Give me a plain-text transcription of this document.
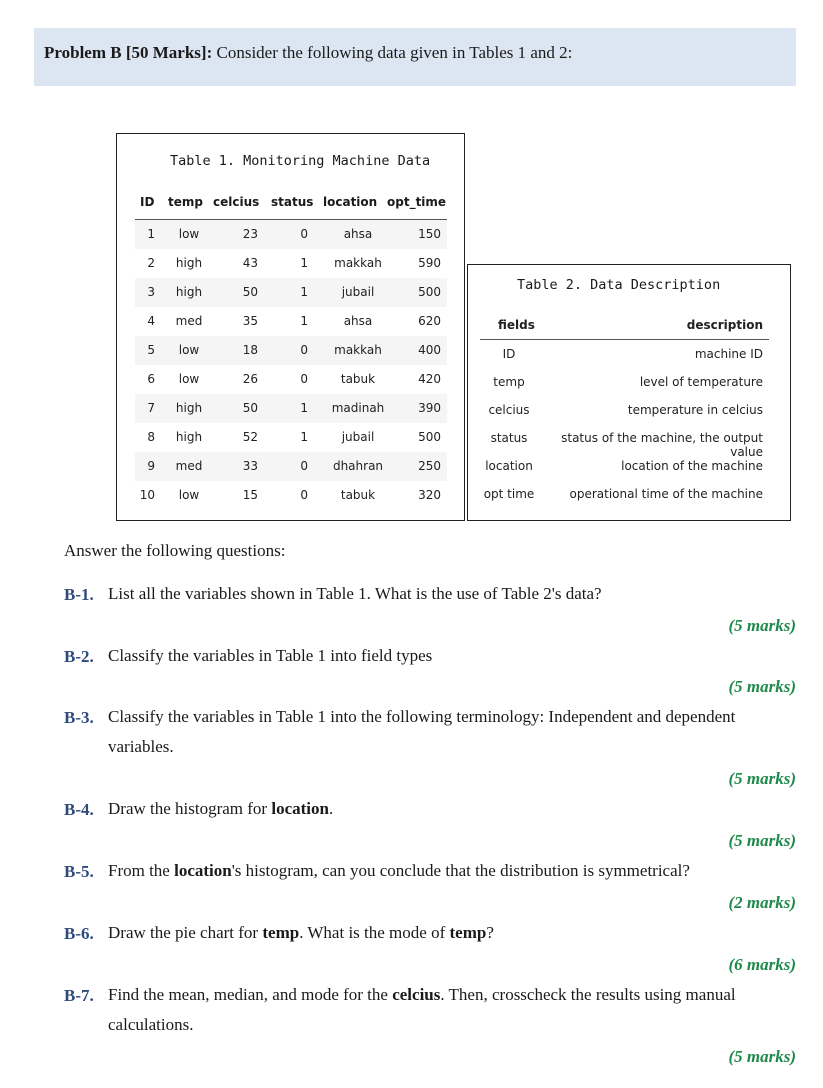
Problem B [50 Marks]: Consider the following data given in Tables 1 and 2:
Table 1. Monitoring Machine Data
ID temp celcius status location opt_time
1	low	23	0	ahsa	150
2	high	43	1	makkah	590
3	high	50	1	jubail	500
4	med	35	1	ahsa	620
5	low	18	0	makkah	400
6	low	26	0	tabuk	420
7	high	50	1	madinah	390
8	high	52	1	jubail	500
9	med	33	0	dhahran	250
10	low	15	0	tabuk	320
Table 2. Data Description
fields	description
ID	machine ID
temp	level of temperature
celcius	temperature in celcius
status	status of the machine, the output value
location	location of the machine
opt time	operational time of the machine
Answer the following questions:
B-1. List all the variables shown in Table 1. What is the use of Table 2's data?
(5 marks)
B-2. Classify the variables in Table 1 into field types
(5 marks)
B-3. Classify the variables in Table 1 into the following terminology: Independent and dependent variables.
(5 marks)
B-4. Draw the histogram for location.
(5 marks)
B-5. From the location's histogram, can you conclude that the distribution is symmetrical?
(2 marks)
B-6. Draw the pie chart for temp. What is the mode of temp?
(6 marks)
B-7. Find the mean, median, and mode for the celcius. Then, crosscheck the results using manual calculations.
(5 marks)
